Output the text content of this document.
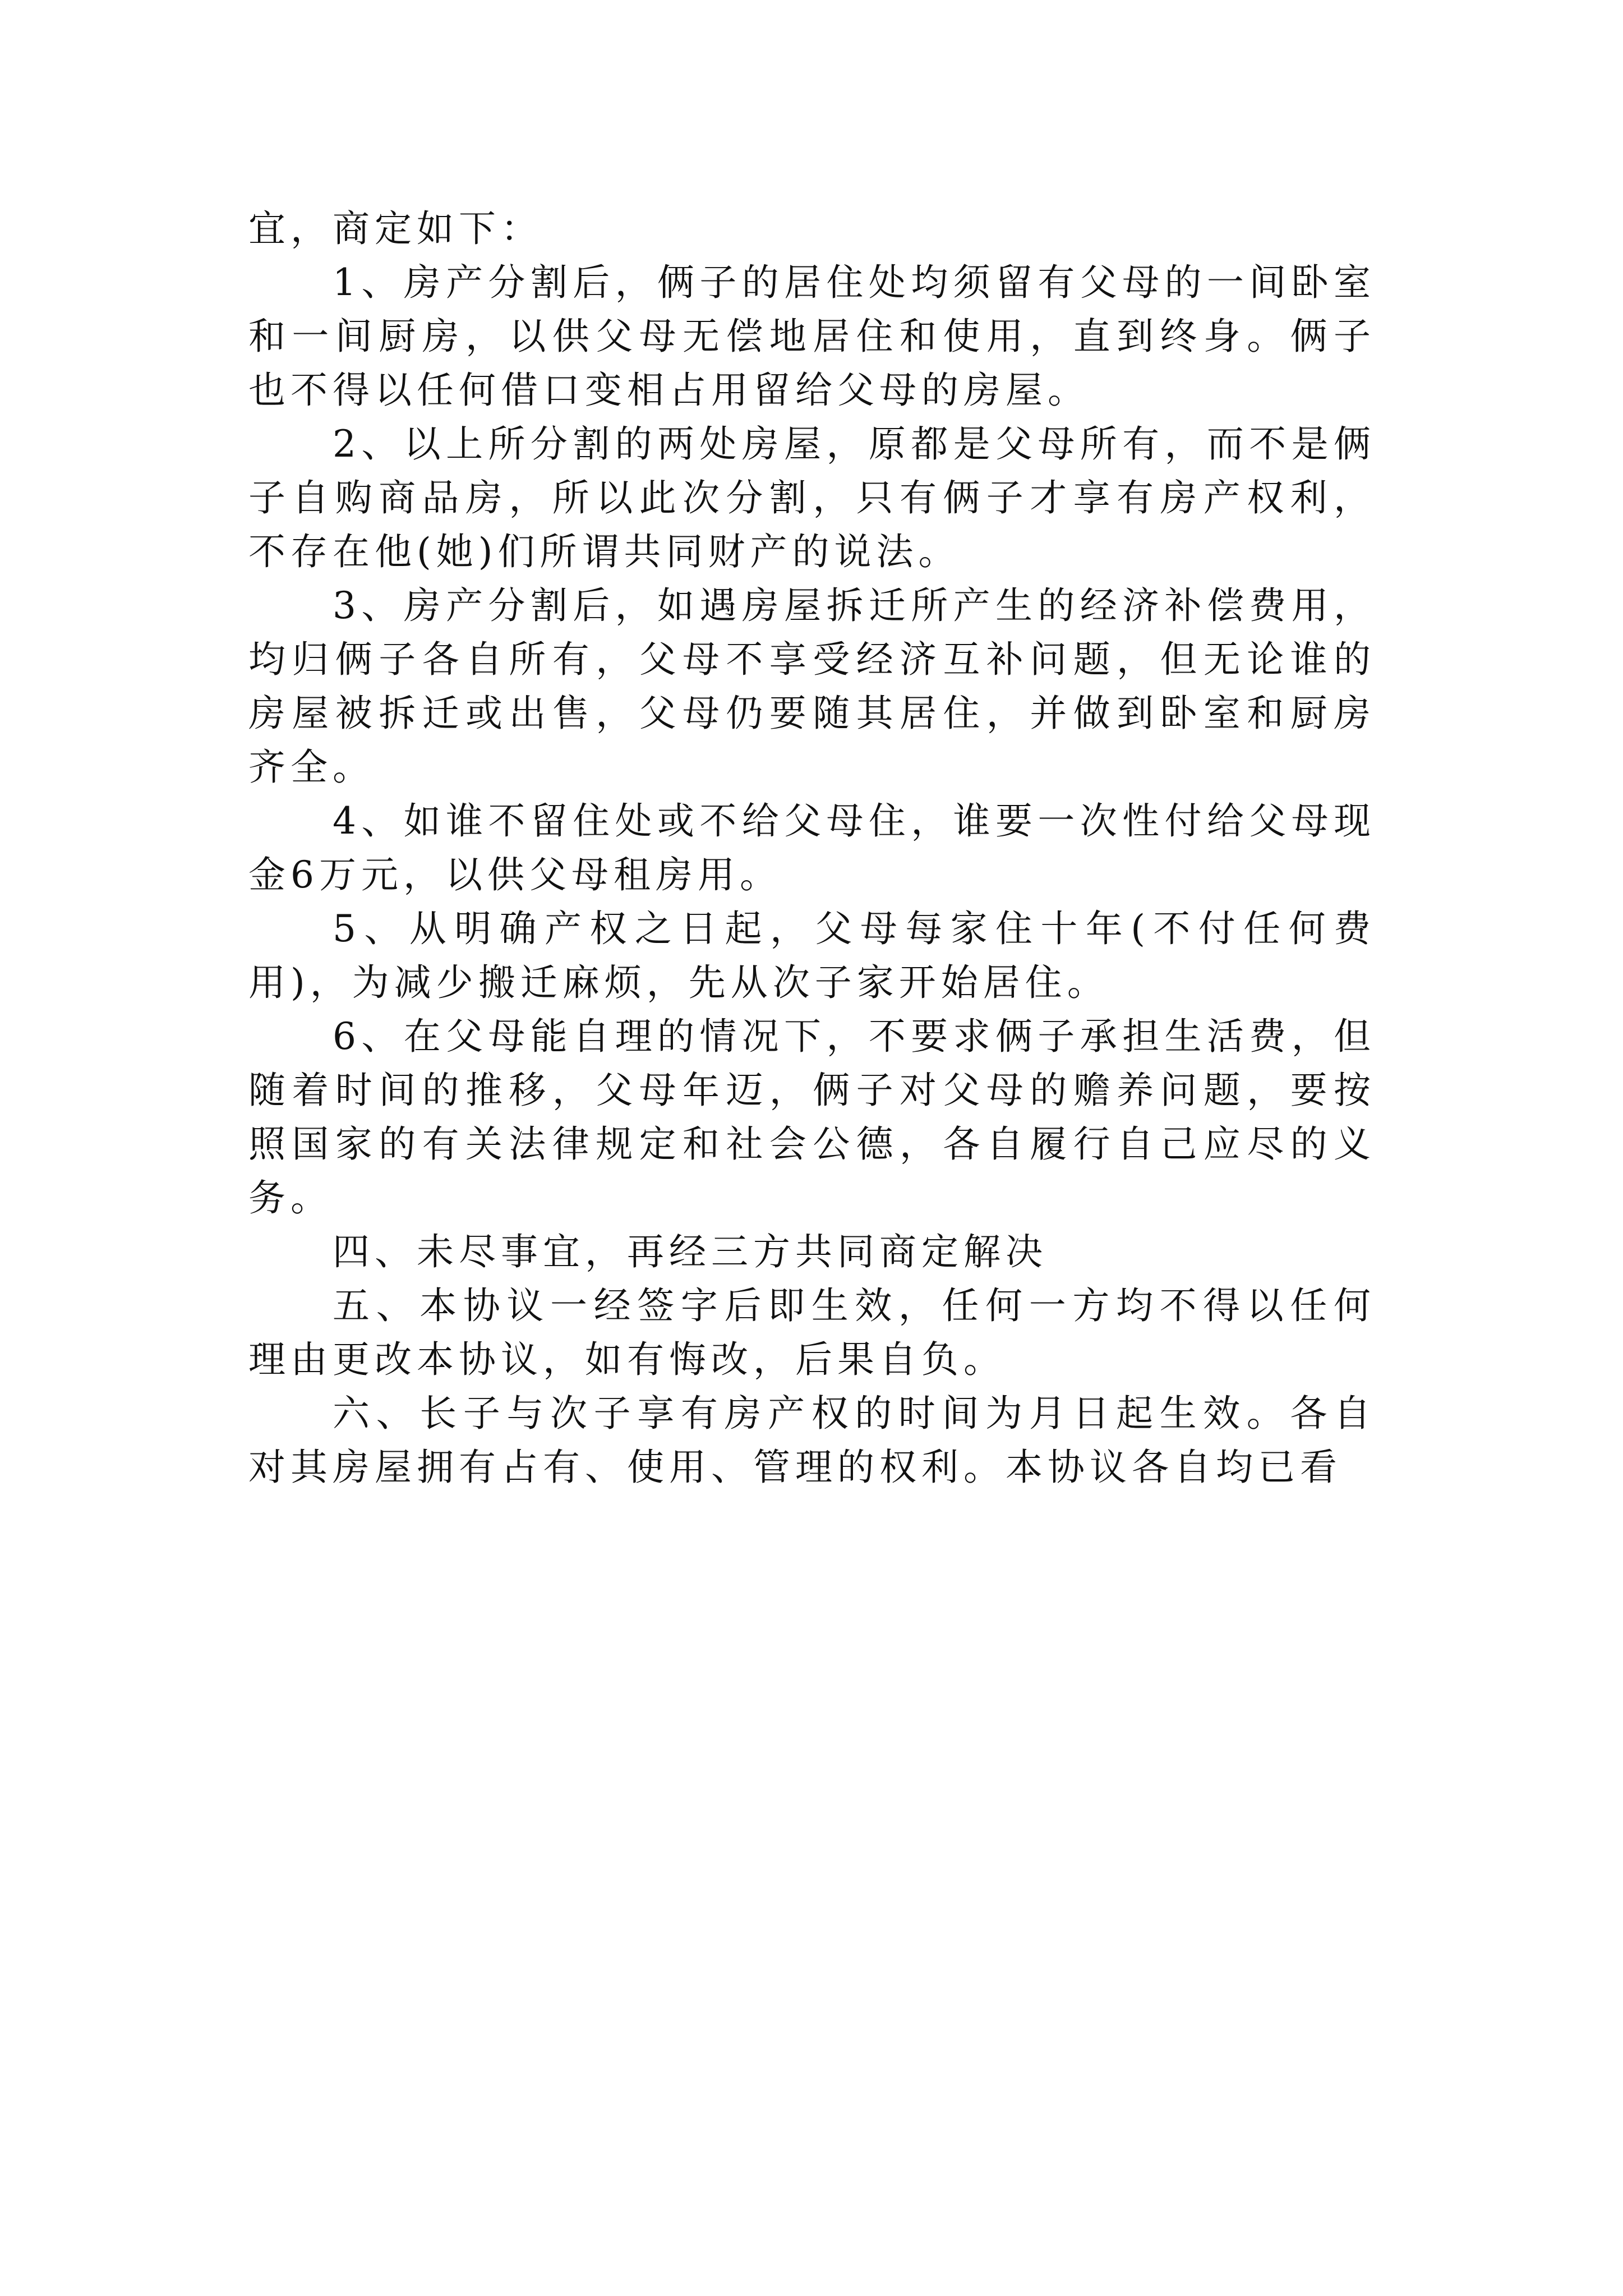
宜，商定如下：

1、房产分割后，俩子的居住处均须留有父母的一间卧室和一间厨房，以供父母无偿地居住和使用，直到终身。俩子也不得以任何借口变相占用留给父母的房屋。

2、以上所分割的两处房屋，原都是父母所有，而不是俩子自购商品房，所以此次分割，只有俩子才享有房产权利，不存在他(她)们所谓共同财产的说法。

3、房产分割后，如遇房屋拆迁所产生的经济补偿费用，均归俩子各自所有，父母不享受经济互补问题，但无论谁的房屋被拆迁或出售，父母仍要随其居住，并做到卧室和厨房齐全。

4、如谁不留住处或不给父母住，谁要一次性付给父母现金6万元，以供父母租房用。

5、从明确产权之日起，父母每家住十年(不付任何费用)，为减少搬迁麻烦，先从次子家开始居住。

6、在父母能自理的情况下，不要求俩子承担生活费，但随着时间的推移，父母年迈，俩子对父母的赡养问题，要按照国家的有关法律规定和社会公德，各自履行自己应尽的义务。

四、未尽事宜，再经三方共同商定解决

五、本协议一经签字后即生效，任何一方均不得以任何理由更改本协议，如有悔改，后果自负。

六、长子与次子享有房产权的时间为月日起生效。各自对其房屋拥有占有、使用、管理的权利。本协议各自均已看
